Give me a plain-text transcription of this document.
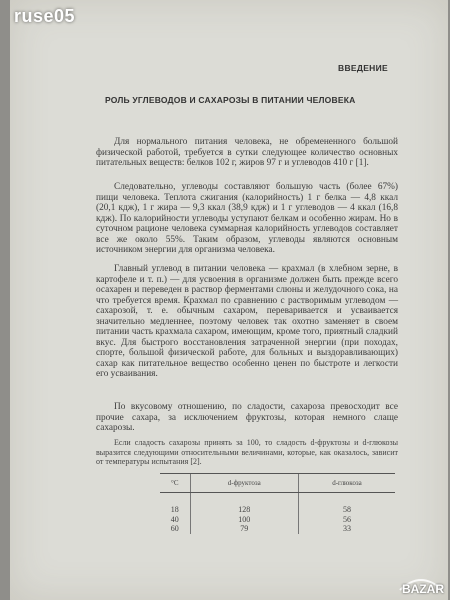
ruse05
ВВЕДЕНИЕ
РОЛЬ УГЛЕВОДОВ И САХАРОЗЫ В ПИТАНИИ ЧЕЛОВЕКА

Для нормального питания человека, не обремененного большой физической работой, требуется в сутки следующее количество основных питательных веществ: белков 102 г, жиров 97 г и углеводов 410 г [1].

Следовательно, углеводы составляют большую часть (более 67%) пищи человека. Теплота сжигания (калорийность) 1 г белка — 4,8 ккал (20,1 кдж), 1 г жира — 9,3 ккал (38,9 кдж) и 1 г углеводов — 4 ккал (16,8 кдж). По калорийности углеводы уступают белкам и особенно жирам. Но в суточном рационе человека суммарная калорийность углеводов составляет все же около 55%. Таким образом, углеводы являются основным источником энергии для организма человека.

Главный углевод в питании человека — крахмал (в хлебном зерне, в картофеле и т. п.) — для усвоения в организме должен быть прежде всего осахарен и переведен в раствор ферментами слюны и желудочного сока, на что требуется время. Крахмал по сравнению с растворимым углеводом — сахарозой, т. е. обычным сахаром, переваривается и усваивается значительно медленнее, поэтому человек так охотно заменяет в своем питании часть крахмала сахаром, имеющим, кроме того, приятный сладкий вкус. Для быстрого восстановления затраченной энергии (при походах, спорте, большой физической работе, для больных и выздоравливающих) сахар как питательное вещество особенно ценен по быстроте и легкости его усваивания.

По вкусовому отношению, по сладости, сахароза превосходит все прочие сахара, за исключением фруктозы, которая немного слаще сахарозы.

Если сладость сахарозы принять за 100, то сладость d-фруктозы и d-глюкозы выразится следующими относительными величинами, которые, как оказалось, зависит от температуры испытания [2].

°С	d-фруктоза	d-глюкоза
18	128	58
40	100	56
60	79	33
BAZAR
